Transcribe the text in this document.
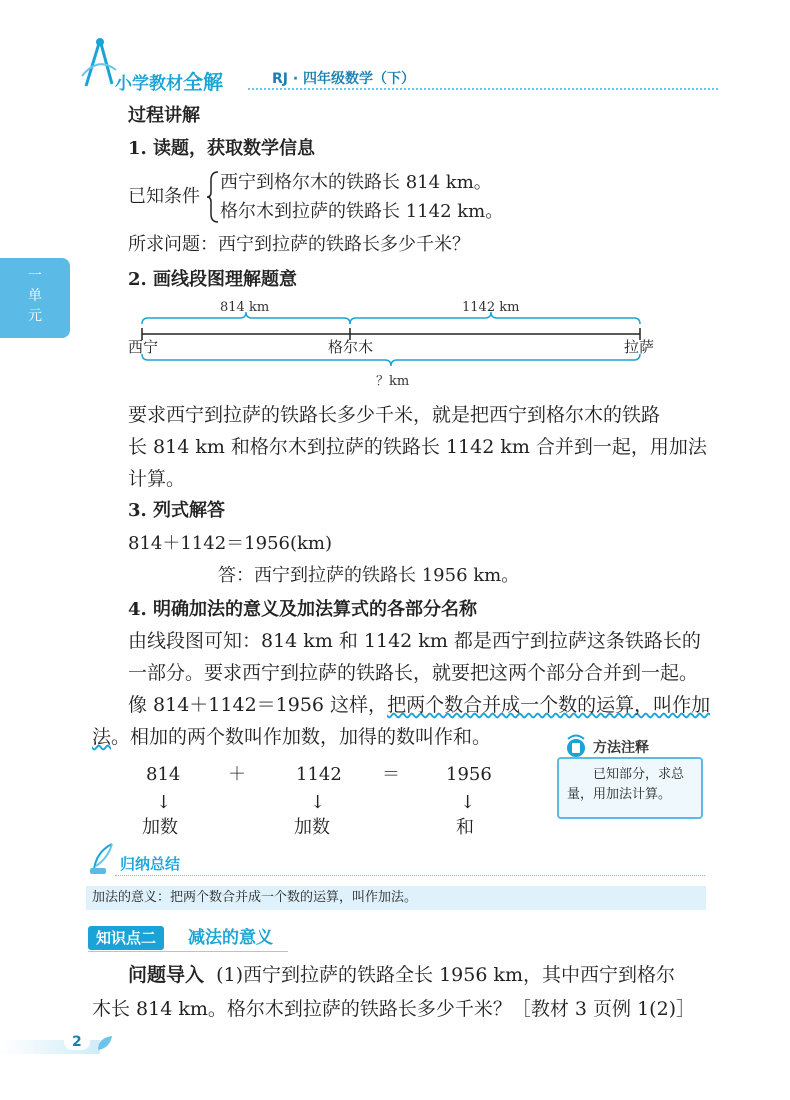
小学教材全解	RJ · 四年级数学（下）
一
单
元
过程讲解
1. 读题，获取数学信息
已知条件
西宁到格尔木的铁路长 814 km。
格尔木到拉萨的铁路长 1142 km。
所求问题：西宁到拉萨的铁路长多少千米？
2. 画线段图理解题意
814 km	1142 km
西宁	格尔木	拉萨
？km
要求西宁到拉萨的铁路长多少千米，就是把西宁到格尔木的铁路
长 814 km 和格尔木到拉萨的铁路长 1142 km 合并到一起，用加法
计算。
3. 列式解答
814＋1142＝1956(km)
答：西宁到拉萨的铁路长 1956 km。
4. 明确加法的意义及加法算式的各部分名称
由线段图可知：814 km 和 1142 km 都是西宁到拉萨这条铁路长的
一部分。要求西宁到拉萨的铁路长，就要把这两个部分合并到一起。
像 814＋1142＝1956 这样，把两个数合并成一个数的运算，叫作加
法。相加的两个数叫作加数，加得的数叫作和。
814	＋	1142 ＝	1956
↓	↓	↓
加数	加数	和
方法注释
已知部分，求总
量，用加法计算。
归纳总结
加法的意义：把两个数合并成一个数的运算，叫作加法。
知识点二	减法的意义
问题导入 (1)西宁到拉萨的铁路全长 1956 km，其中西宁到格尔
木长 814 km。格尔木到拉萨的铁路长多少千米？［教材 3 页例 1(2)］
2
